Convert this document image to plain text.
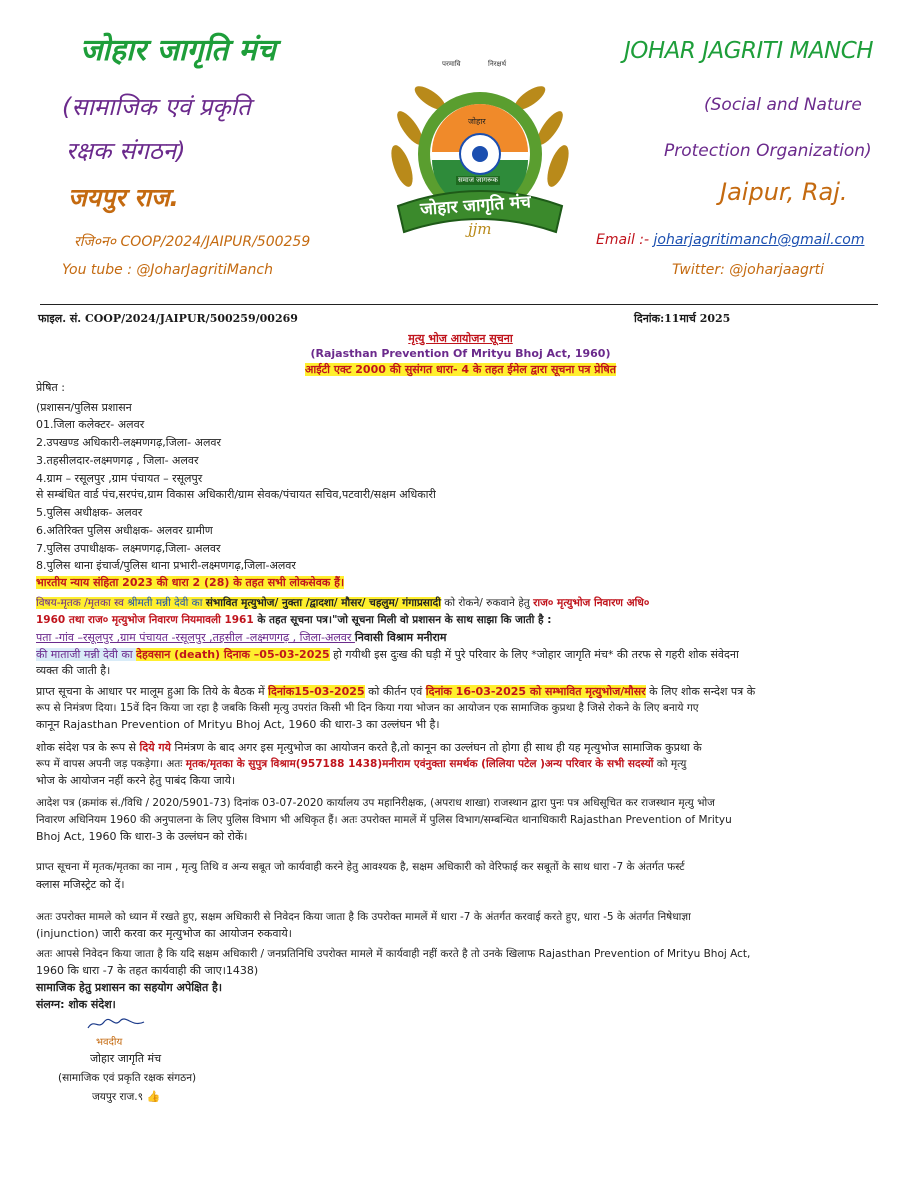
जोहार जागृति मंच
(सामाजिक एवं प्रकृति
रक्षक संगठन)
जयपुर राज.
रजि०न० COOP/2024/JAIPUR/500259
You tube : @JoharJagritiManch
JOHAR JAGRITI MANCH
(Social and Nature
Protection Organization)
Jaipur, Raj.
Email :- joharjagritimanch@gmail.com
Twitter: @joharjaagrti
परमावि	निरक्षर्थ
जोहार
समाज जागरूक
जोहार जागृति मंच
jjm
फाइल. सं. COOP/2024/JAIPUR/500259/00269	दिनांक:11मार्च 2025
मृत्यु भोज आयोजन सूचना
(Rajasthan Prevention Of Mrityu Bhoj Act, 1960)
आईटी एक्ट 2000 की सुसंगत धारा- 4 के तहत ईमेल द्वारा सूचना पत्र प्रेषित
प्रेषित :
(प्रशासन/पुलिस प्रशासन
01.जिला कलेक्टर- अलवर
2.उपखण्ड अधिकारी-लक्ष्मणगढ़,जिला- अलवर
3.तहसीलदार-लक्ष्मणगढ़ , जिला- अलवर
4.ग्राम – रसूलपुर ,ग्राम पंचायत – रसूलपुर
से सम्बंधित वार्ड पंच,सरपंच,ग्राम विकास अधिकारी/ग्राम सेवक/पंचायत सचिव,पटवारी/सक्षम अधिकारी
5.पुलिस अधीक्षक- अलवर
6.अतिरिक्त पुलिस अधीक्षक- अलवर ग्रामीण
7.पुलिस उपाधीक्षक- लक्ष्मणगढ़,जिला- अलवर
8.पुलिस थाना इंचार्ज/पुलिस थाना प्रभारी-लक्ष्मणगढ़,जिला-अलवर
भारतीय न्याय संहिता 2023 की धारा 2 (28) के तहत सभी लोकसेवक हैं।
विषय-मृतक /मृतका स्व श्रीमती मन्नी देवी का संभावित मृत्युभोज/ नुक्ता /द्वादशा/ मौसर/ चहलुम/ गंगाप्रसादी को रोकने/ रुकवाने हेतु राज० मृत्युभोज निवारण अधि०
1960 तथा राज० मृत्युभोज निवारण नियमावली 1961 के तहत सूचना पत्र।"जो सूचना मिली वो प्रशासन के साथ साझा कि जाती है :
पता -गांव –रसूलपुर ,ग्राम पंचायत -रसूलपुर ,तहसील -लक्ष्मणगढ़ , जिला-अलवर निवासी विश्राम मनीराम
की माताजी मन्नी देवी का देहवसान (death) दिनाक –05-03-2025 हो गयीथी इस दुःख की घड़ी में पुरे परिवार के लिए *जोहार जागृति मंच* की तरफ से गहरी शोक संवेदना
व्यक्त की जाती है।
प्राप्त सूचना के आधार पर मालूम हुआ कि तिये के बैठक में दिनांक15-03-2025 को कीर्तन एवं दिनांक 16-03-2025 को सम्भावित मृत्युभोज/मौसर के लिए शोक सन्देश पत्र के
रूप से निमंत्रण दिया। 15वें दिन किया जा रहा है जबकि किसी मृत्यु उपरांत किसी भी दिन किया गया भोजन का आयोजन एक सामाजिक कुप्रथा है जिसे रोकने के लिए बनाये गए
कानून Rajasthan Prevention of Mrityu Bhoj Act, 1960 की धारा-3 का उल्लंघन भी है।
शोक संदेश पत्र के रूप से दिये गये निमंत्रण के बाद अगर इस मृत्युभोज का आयोजन करते है,तो कानून का उल्लंघन तो होगा ही साथ ही यह मृत्युभोज सामाजिक कुप्रथा के
रूप में वापस अपनी जड़ पकड़ेगा। अतः मृतक/मृतका के सुपुत्र विश्राम(957188 1438)मनीराम एवंनुक्ता समर्थक (लिलिया पटेल )अन्य परिवार के सभी सदस्यों को मृत्यु
भोज के आयोजन नहीं करने हेतु पाबंद किया जाये।
आदेश पत्र (क्रमांक सं./विधि / 2020/5901-73) दिनांक 03-07-2020 कार्यालय उप महानिरीक्षक, (अपराध शाखा) राजस्थान द्वारा पुनः पत्र अधिसूचित कर राजस्थान मृत्यु भोज
निवारण अधिनियम 1960 की अनुपालना के लिए पुलिस विभाग भी अधिकृत हैं। अतः उपरोक्त मामलें में पुलिस विभाग/सम्बन्धित थानाधिकारी Rajasthan Prevention of Mrityu
Bhoj Act, 1960 कि धारा-3 के उल्लंघन को रोकें।
प्राप्त सूचना में मृतक/मृतका का नाम , मृत्यु तिथि व अन्य सबूत जो कार्यवाही करने हेतु आवश्यक है, सक्षम अधिकारी को वेरिफाई कर सबूतों के साथ धारा -7 के अंतर्गत फर्स्ट
क्लास मजिस्ट्रेट को दें।
अतः उपरोक्त मामले को ध्यान में रखते हुए, सक्षम अधिकारी से निवेदन किया जाता है कि उपरोक्त मामलें में धारा -7 के अंतर्गत करवाई करते हुए, धारा -5 के अंतर्गत निषेधाज्ञा
(injunction) जारी करवा कर मृत्युभोज का आयोजन रुकवाये।
अतः आपसे निवेदन किया जाता है कि यदि सक्षम अधिकारी / जनप्रतिनिधि उपरोक्त मामले में कार्यवाही नहीं करते है तो उनके खिलाफ Rajasthan Prevention of Mrityu Bhoj Act,
1960 कि धारा -7 के तहत कार्यवाही की जाए।1438)
सामाजिक हेतु प्रशासन का सहयोग अपेक्षित है।
संलग्न: शोक संदेश।
भवदीय
जोहार जागृति मंच
(सामाजिक एवं प्रकृति रक्षक संगठन)
जयपुर राज.९ 👍
